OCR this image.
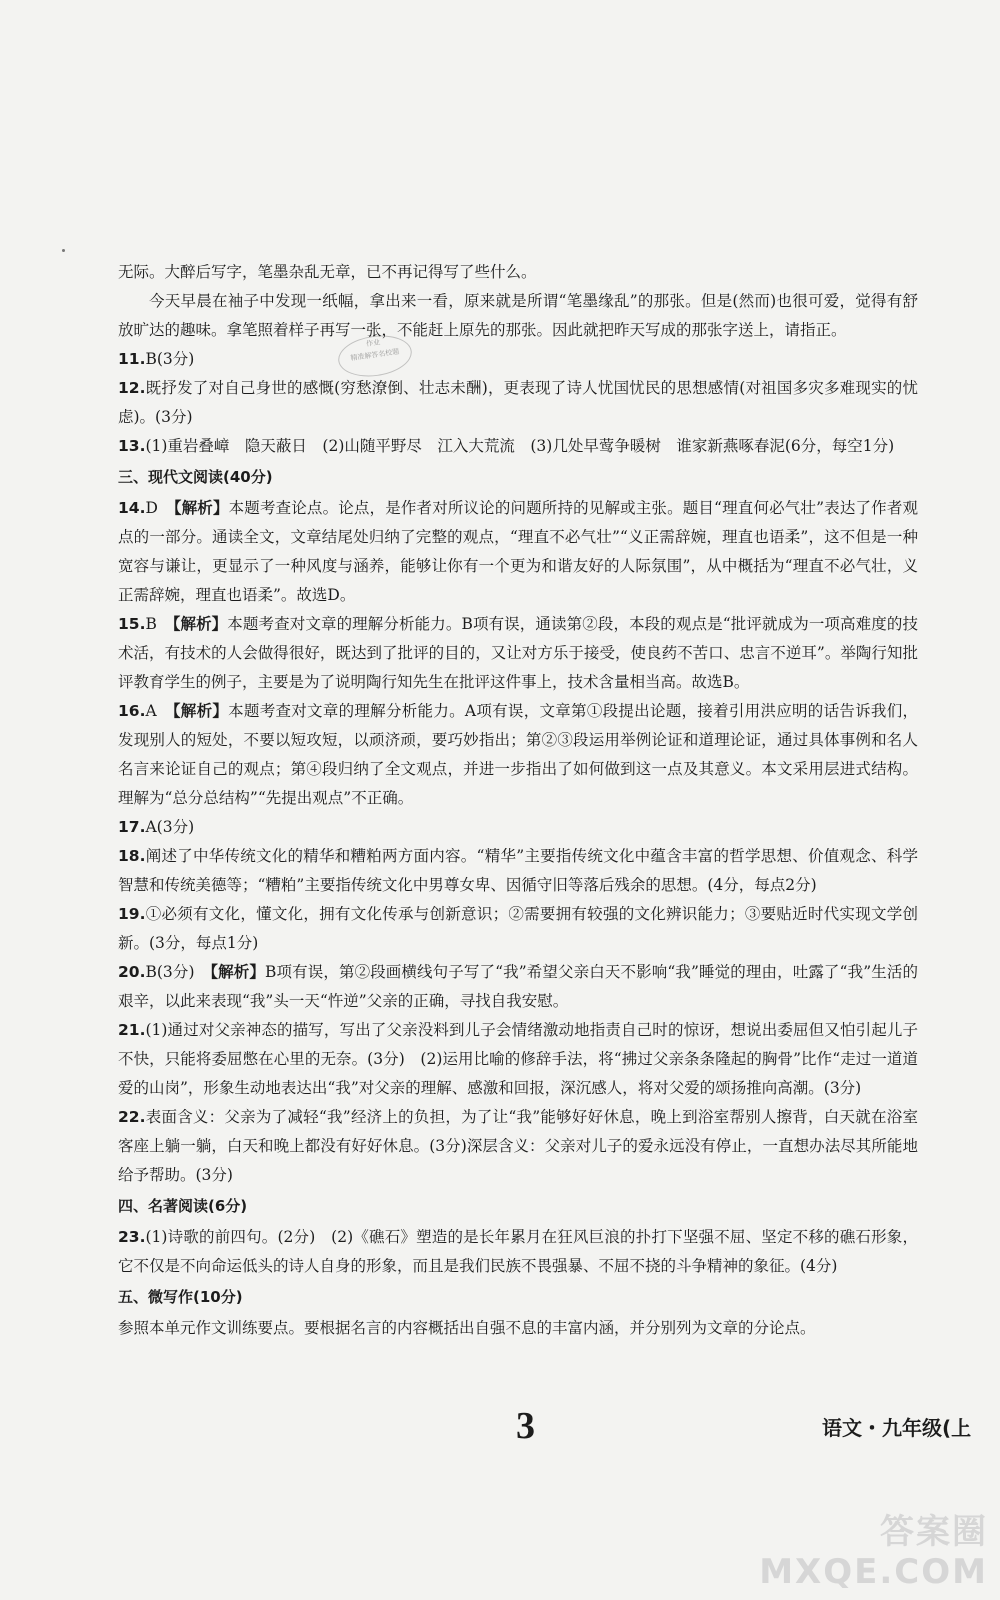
作业
精准解答名校题

无际。大醉后写字，笔墨杂乱无章，已不再记得写了些什么。

今天早晨在袖子中发现一纸幅，拿出来一看，原来就是所谓“笔墨缘乱”的那张。但是(然而)也很可爱，觉得有舒放旷达的趣味。拿笔照着样子再写一张，不能赶上原先的那张。因此就把昨天写成的那张字送上，请指正。

11.B(3分)

12.既抒发了对自己身世的感慨(穷愁潦倒、壮志未酬)，更表现了诗人忧国忧民的思想感情(对祖国多灾多难现实的忧虑)。(3分)

13.(1)重岩叠嶂　隐天蔽日　(2)山随平野尽　江入大荒流　(3)几处早莺争暖树　谁家新燕啄春泥(6分，每空1分)

三、现代文阅读(40分)

14.D　 【解析】本题考查论点。论点，是作者对所议论的问题所持的见解或主张。题目“理直何必气壮”表达了作者观点的一部分。通读全文，文章结尾处归纳了完整的观点，“理直不必气壮”“义正需辞婉，理直也语柔”，这不但是一种宽容与谦让，更显示了一种风度与涵养，能够让你有一个更为和谐友好的人际氛围”，从中概括为“理直不必气壮，义正需辞婉，理直也语柔”。故选D。

15.B　 【解析】本题考查对文章的理解分析能力。B项有误，通读第②段，本段的观点是“批评就成为一项高难度的技术活，有技术的人会做得很好，既达到了批评的目的，又让对方乐于接受，使良药不苦口、忠言不逆耳”。举陶行知批评教育学生的例子，主要是为了说明陶行知先生在批评这件事上，技术含量相当高。故选B。

16.A　 【解析】本题考查对文章的理解分析能力。A项有误，文章第①段提出论题，接着引用洪应明的话告诉我们，发现别人的短处，不要以短攻短，以顽济顽，要巧妙指出；第②③段运用举例论证和道理论证，通过具体事例和名人名言来论证自己的观点；第④段归纳了全文观点，并进一步指出了如何做到这一点及其意义。本文采用层进式结构。理解为“总分总结构”“先提出观点”不正确。

17.A(3分)

18.阐述了中华传统文化的精华和糟粕两方面内容。“精华”主要指传统文化中蕴含丰富的哲学思想、价值观念、科学智慧和传统美德等；“糟粕”主要指传统文化中男尊女卑、因循守旧等落后残余的思想。(4分，每点2分)

19.①必须有文化，懂文化，拥有文化传承与创新意识；②需要拥有较强的文化辨识能力；③要贴近时代实现文学创新。(3分，每点1分)

20.B(3分)　 【解析】B项有误，第②段画横线句子写了“我”希望父亲白天不影响“我”睡觉的理由，吐露了“我”生活的艰辛，以此来表现“我”头一天“忤逆”父亲的正确，寻找自我安慰。

21.(1)通过对父亲神态的描写，写出了父亲没料到儿子会情绪激动地指责自己时的惊讶，想说出委屈但又怕引起儿子不快，只能将委屈憋在心里的无奈。(3分)　(2)运用比喻的修辞手法，将“拂过父亲条条隆起的胸骨”比作“走过一道道爱的山岗”，形象生动地表达出“我”对父亲的理解、感激和回报，深沉感人，将对父爱的颂扬推向高潮。(3分)

22.表面含义：父亲为了减轻“我”经济上的负担，为了让“我”能够好好休息，晚上到浴室帮别人擦背，白天就在浴室客座上躺一躺，白天和晚上都没有好好休息。(3分)深层含义：父亲对儿子的爱永远没有停止，一直想办法尽其所能地给予帮助。(3分)

四、名著阅读(6分)

23.(1)诗歌的前四句。(2分)　(2)《礁石》塑造的是长年累月在狂风巨浪的扑打下坚强不屈、坚定不移的礁石形象，它不仅是不向命运低头的诗人自身的形象，而且是我们民族不畏强暴、不屈不挠的斗争精神的象征。(4分)

五、微写作(10分)

参照本单元作文训练要点。要根据名言的内容概括出自强不息的丰富内涵，并分别列为文章的分论点。

3	语文・九年级(上
答案圈
MXQE.COM
